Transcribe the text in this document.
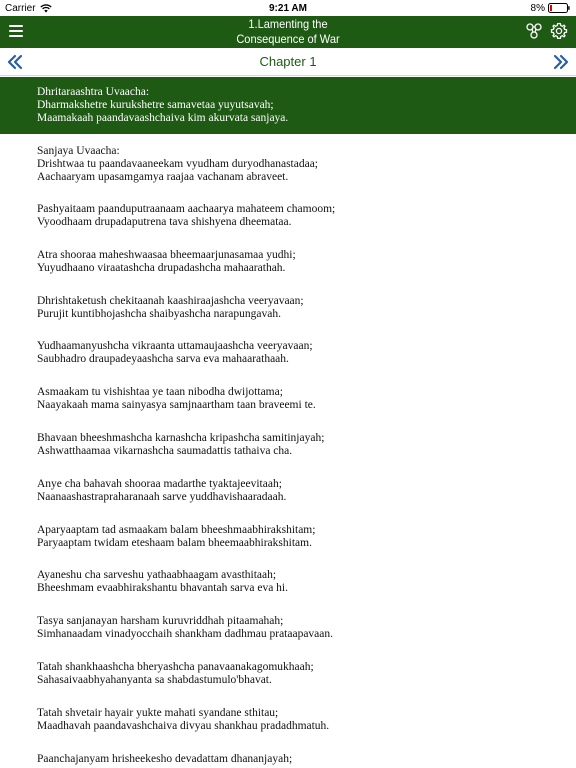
Carrier	9:21 AM	8%
1.Lamenting the
Consequence of War
Chapter 1
Dhritaraashtra Uvaacha:
Dharmakshetre kurukshetre samavetaa yuyutsavah;
Maamakaah paandavaashchaiva kim akurvata sanjaya.
Sanjaya Uvaacha:
Drishtwaa tu paandavaaneekam vyudham duryodhanastadaa;
Aachaaryam upasamgamya raajaa vachanam abraveet.
Pashyaitaam paanduputraanaam aachaarya mahateem chamoom;
Vyoodhaam drupadaputrena tava shishyena dheemataa.
Atra shooraa maheshwaasaa bheemaarjunasamaa yudhi;
Yuyudhaano viraatashcha drupadashcha mahaarathah.
Dhrishtaketush chekitaanah kaashiraajashcha veeryavaan;
Purujit kuntibhojashcha shaibyashcha narapungavah.
Yudhaamanyushcha vikraanta uttamaujaashcha veeryavaan;
Saubhadro draupadeyaashcha sarva eva mahaarathaah.
Asmaakam tu vishishtaa ye taan nibodha dwijottama;
Naayakaah mama sainyasya samjnaartham taan braveemi te.
Bhavaan bheeshmashcha karnashcha kripashcha samitinjayah;
Ashwatthaamaa vikarnashcha saumadattis tathaiva cha.
Anye cha bahavah shooraa madarthe tyaktajeevitaah;
Naanaashastrapraharanaah sarve yuddhavishaaradaah.
Aparyaaptam tad asmaakam balam bheeshmaabhirakshitam;
Paryaaptam twidam eteshaam balam bheemaabhirakshitam.
Ayaneshu cha sarveshu yathaabhaagam avasthitaah;
Bheeshmam evaabhirakshantu bhavantah sarva eva hi.
Tasya sanjanayan harsham kuruvriddhah pitaamahah;
Simhanaadam vinadyocchaih shankham dadhmau prataapavaan.
Tatah shankhaashcha bheryashcha panavaanakagomukhaah;
Sahasaivaabhyahanyanta sa shabdastumulo'bhavat.
Tatah shvetair hayair yukte mahati syandane sthitau;
Maadhavah paandavashchaiva divyau shankhau pradadhmatuh.
Paanchajanyam hrisheekesho devadattam dhananjayah;
